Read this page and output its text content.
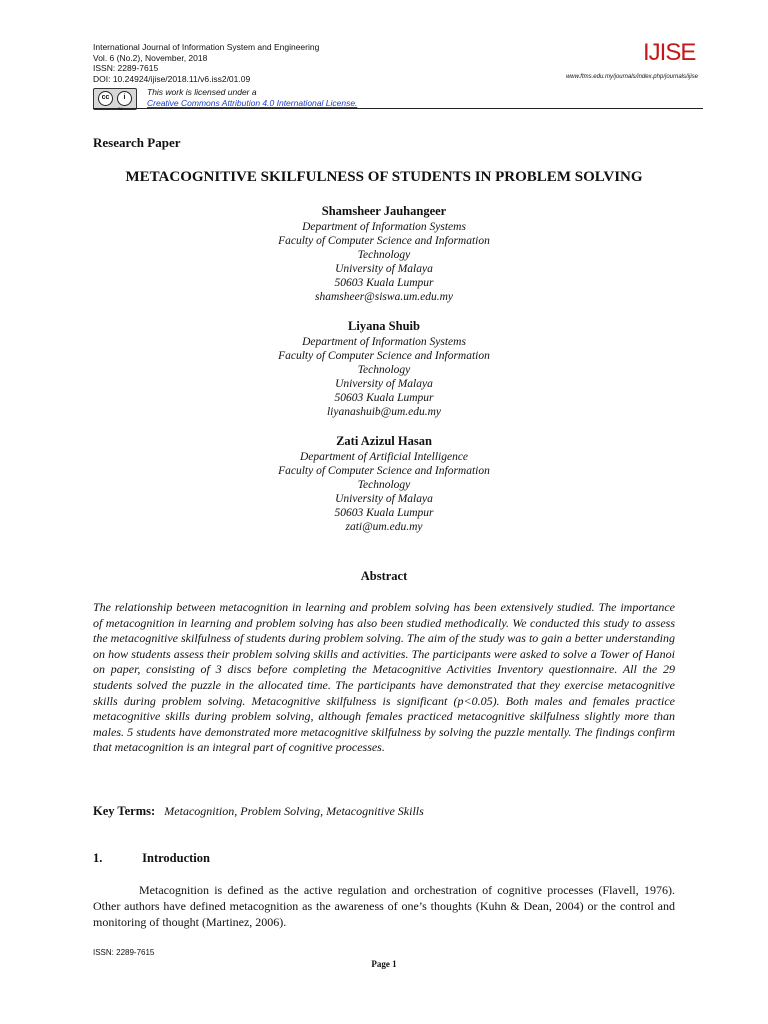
International Journal of Information System and Engineering
Vol. 6 (No.2), November, 2018
ISSN: 2289-7615
DOI: 10.24924/ijise/2018.11/v6.iss2/01.09
cc	i
BY
This work is licensed under a
Creative Commons Attribution 4.0 International License.
IJISE
www.ftms.edu.my/journals/index.php/journals/ijise
Research Paper
METACOGNITIVE SKILFULNESS OF STUDENTS IN PROBLEM SOLVING
Shamsheer Jauhangeer
Department of Information Systems
Faculty of Computer Science and Information
Technology
University of Malaya
50603 Kuala Lumpur
shamsheer@siswa.um.edu.my
Liyana Shuib
Department of Information Systems
Faculty of Computer Science and Information
Technology
University of Malaya
50603 Kuala Lumpur
liyanashuib@um.edu.my
Zati Azizul Hasan
Department of Artificial Intelligence
Faculty of Computer Science and Information
Technology
University of Malaya
50603 Kuala Lumpur
zati@um.edu.my
Abstract
The relationship between metacognition in learning and problem solving has been extensively studied. The importance of metacognition in learning and problem solving has also been studied methodically. We conducted this study to assess the metacognitive skilfulness of students during problem solving. The aim of the study was to gain a better understanding on how students assess their problem solving skills and activities. The participants were asked to solve a Tower of Hanoi on paper, consisting of 3 discs before completing the Metacognitive Activities Inventory questionnaire. All the 29 students solved the puzzle in the allocated time. The participants have demonstrated that they exercise metacognitive skills during problem solving. Metacognitive skilfulness is significant (p<0.05). Both males and females practice metacognitive skills during problem solving, although females practiced metacognitive skilfulness slightly more than males. 5 students have demonstrated more metacognitive skilfulness by solving the puzzle mentally. The findings confirm that metacognition is an integral part of cognitive processes.
Key Terms: Metacognition, Problem Solving, Metacognitive Skills
1.	Introduction
Metacognition is defined as the active regulation and orchestration of cognitive processes (Flavell, 1976). Other authors have defined metacognition as the awareness of one’s thoughts (Kuhn & Dean, 2004) or the control and monitoring of thought (Martinez, 2006).
ISSN: 2289-7615
Page 1
